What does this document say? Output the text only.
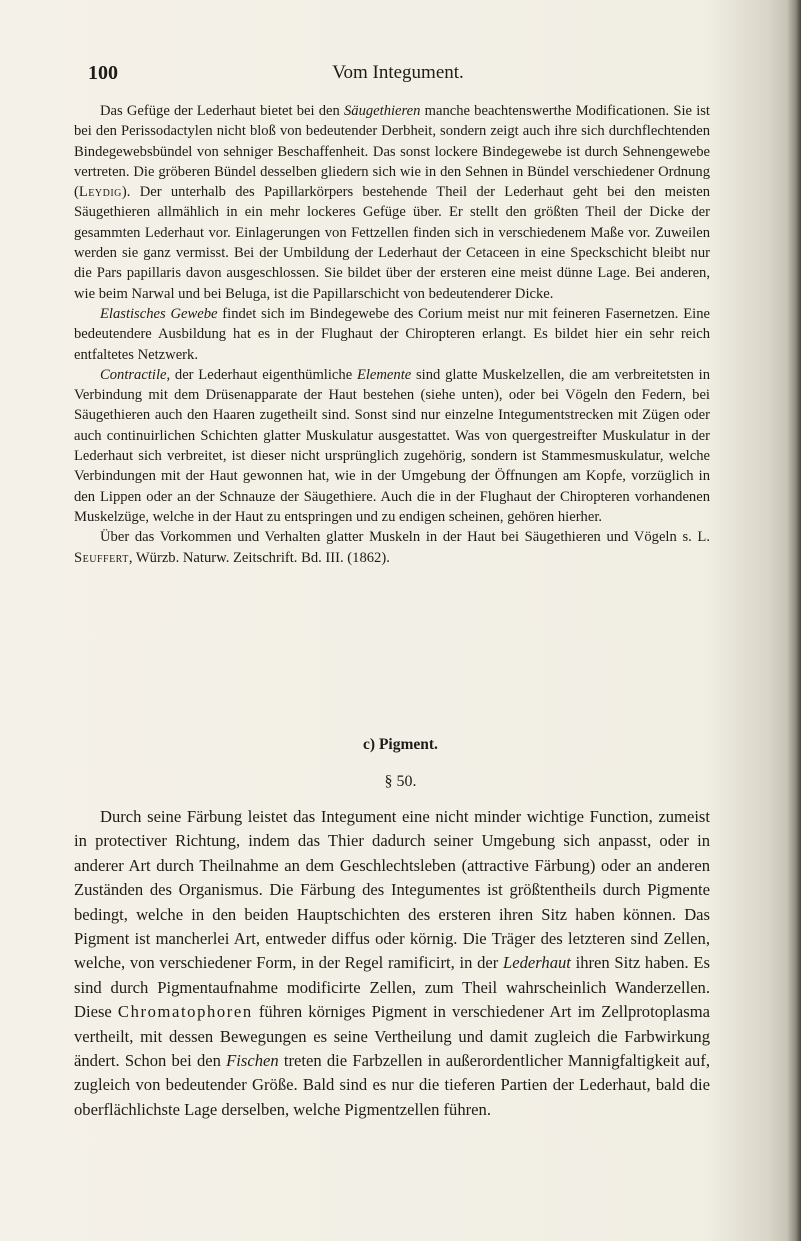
100	Vom Integument.

Das Gefüge der Lederhaut bietet bei den Säugethieren manche beachtenswerthe Modificationen. Sie ist bei den Perissodactylen nicht bloß von bedeutender Derbheit, sondern zeigt auch ihre sich durchflechtenden Bindegewebsbündel von sehniger Beschaffenheit. Das sonst lockere Bindegewebe ist durch Sehnengewebe vertreten. Die gröberen Bündel desselben gliedern sich wie in den Sehnen in Bündel verschiedener Ordnung (Leydig). Der unterhalb des Papillarkörpers bestehende Theil der Lederhaut geht bei den meisten Säugethieren allmählich in ein mehr lockeres Gefüge über. Er stellt den größten Theil der Dicke der gesammten Lederhaut vor. Einlagerungen von Fettzellen finden sich in verschiedenem Maße vor. Zuweilen werden sie ganz vermisst. Bei der Umbildung der Lederhaut der Cetaceen in eine Speckschicht bleibt nur die Pars papillaris davon ausgeschlossen. Sie bildet über der ersteren eine meist dünne Lage. Bei anderen, wie beim Narwal und bei Beluga, ist die Papillarschicht von bedeutenderer Dicke.

Elastisches Gewebe findet sich im Bindegewebe des Corium meist nur mit feineren Fasernetzen. Eine bedeutendere Ausbildung hat es in der Flughaut der Chiropteren erlangt. Es bildet hier ein sehr reich entfaltetes Netzwerk.

Contractile, der Lederhaut eigenthümliche Elemente sind glatte Muskelzellen, die am verbreitetsten in Verbindung mit dem Drüsenapparate der Haut bestehen (siehe unten), oder bei Vögeln den Federn, bei Säugethieren auch den Haaren zugetheilt sind. Sonst sind nur einzelne Integumentstrecken mit Zügen oder auch continuirlichen Schichten glatter Muskulatur ausgestattet. Was von quergestreifter Muskulatur in der Lederhaut sich verbreitet, ist dieser nicht ursprünglich zugehörig, sondern ist Stammesmuskulatur, welche Verbindungen mit der Haut gewonnen hat, wie in der Umgebung der Öffnungen am Kopfe, vorzüglich in den Lippen oder an der Schnauze der Säugethiere. Auch die in der Flughaut der Chiropteren vorhandenen Muskelzüge, welche in der Haut zu entspringen und zu endigen scheinen, gehören hierher.

Über das Vorkommen und Verhalten glatter Muskeln in der Haut bei Säugethieren und Vögeln s. L. Seuffert, Würzb. Naturw. Zeitschrift. Bd. III. (1862).

c) Pigment.
§ 50.

Durch seine Färbung leistet das Integument eine nicht minder wichtige Function, zumeist in protectiver Richtung, indem das Thier dadurch seiner Umgebung sich anpasst, oder in anderer Art durch Theilnahme an dem Geschlechtsleben (attractive Färbung) oder an anderen Zuständen des Organismus. Die Färbung des Integumentes ist größtentheils durch Pigmente bedingt, welche in den beiden Hauptschichten des ersteren ihren Sitz haben können. Das Pigment ist mancherlei Art, entweder diffus oder körnig. Die Träger des letzteren sind Zellen, welche, von verschiedener Form, in der Regel ramificirt, in der Lederhaut ihren Sitz haben. Es sind durch Pigmentaufnahme modificirte Zellen, zum Theil wahrscheinlich Wanderzellen. Diese Chromatophoren führen körniges Pigment in verschiedener Art im Zellprotoplasma vertheilt, mit dessen Bewegungen es seine Vertheilung und damit zugleich die Farbwirkung ändert. Schon bei den Fischen treten die Farbzellen in außerordentlicher Mannigfaltigkeit auf, zugleich von bedeutender Größe. Bald sind es nur die tieferen Partien der Lederhaut, bald die oberflächlichste Lage derselben, welche Pigmentzellen führen.
